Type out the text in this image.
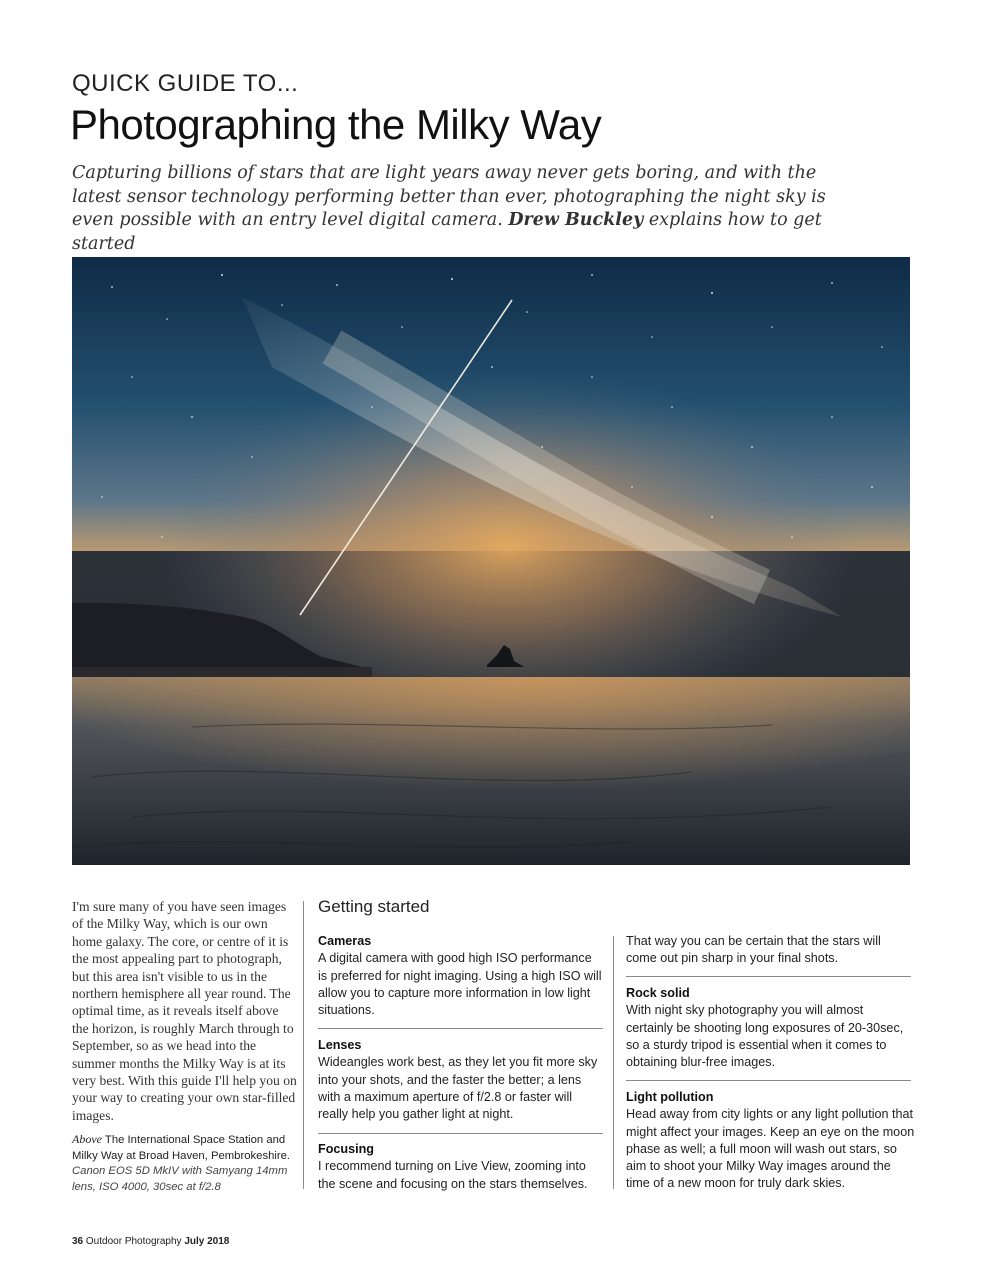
QUICK GUIDE TO...
Photographing the Milky Way

Capturing billions of stars that are light years away never gets boring, and with the latest sensor technology performing better than ever, photographing the night sky is even possible with an entry level digital camera. Drew Buckley explains how to get started

I'm sure many of you have seen images of the Milky Way, which is our own home galaxy. The core, or centre of it is the most appealing part to photograph, but this area isn't visible to us in the northern hemisphere all year round. The optimal time, as it reveals itself above the horizon, is roughly March through to September, so as we head into the summer months the Milky Way is at its very best. With this guide I'll help you on your way to creating your own star-filled images.

Above The International Space Station and Milky Way at Broad Haven, Pembrokeshire.
Canon EOS 5D MkIV with Samyang 14mm lens, ISO 4000, 30sec at f/2.8

Getting started
Cameras
A digital camera with good high ISO performance is preferred for night imaging. Using a high ISO will allow you to capture more information in low light situations.
Lenses
Wideangles work best, as they let you fit more sky into your shots, and the faster the better; a lens with a maximum aperture of f/2.8 or faster will really help you gather light at night.
Focusing
I recommend turning on Live View, zooming into the scene and focusing on the stars themselves.
That way you can be certain that the stars will come out pin sharp in your final shots.
Rock solid
With night sky photography you will almost certainly be shooting long exposures of 20-30sec, so a sturdy tripod is essential when it comes to obtaining blur-free images.
Light pollution
Head away from city lights or any light pollution that might affect your images. Keep an eye on the moon phase as well; a full moon will wash out stars, so aim to shoot your Milky Way images around the time of a new moon for truly dark skies.
36 Outdoor Photography July 2018
